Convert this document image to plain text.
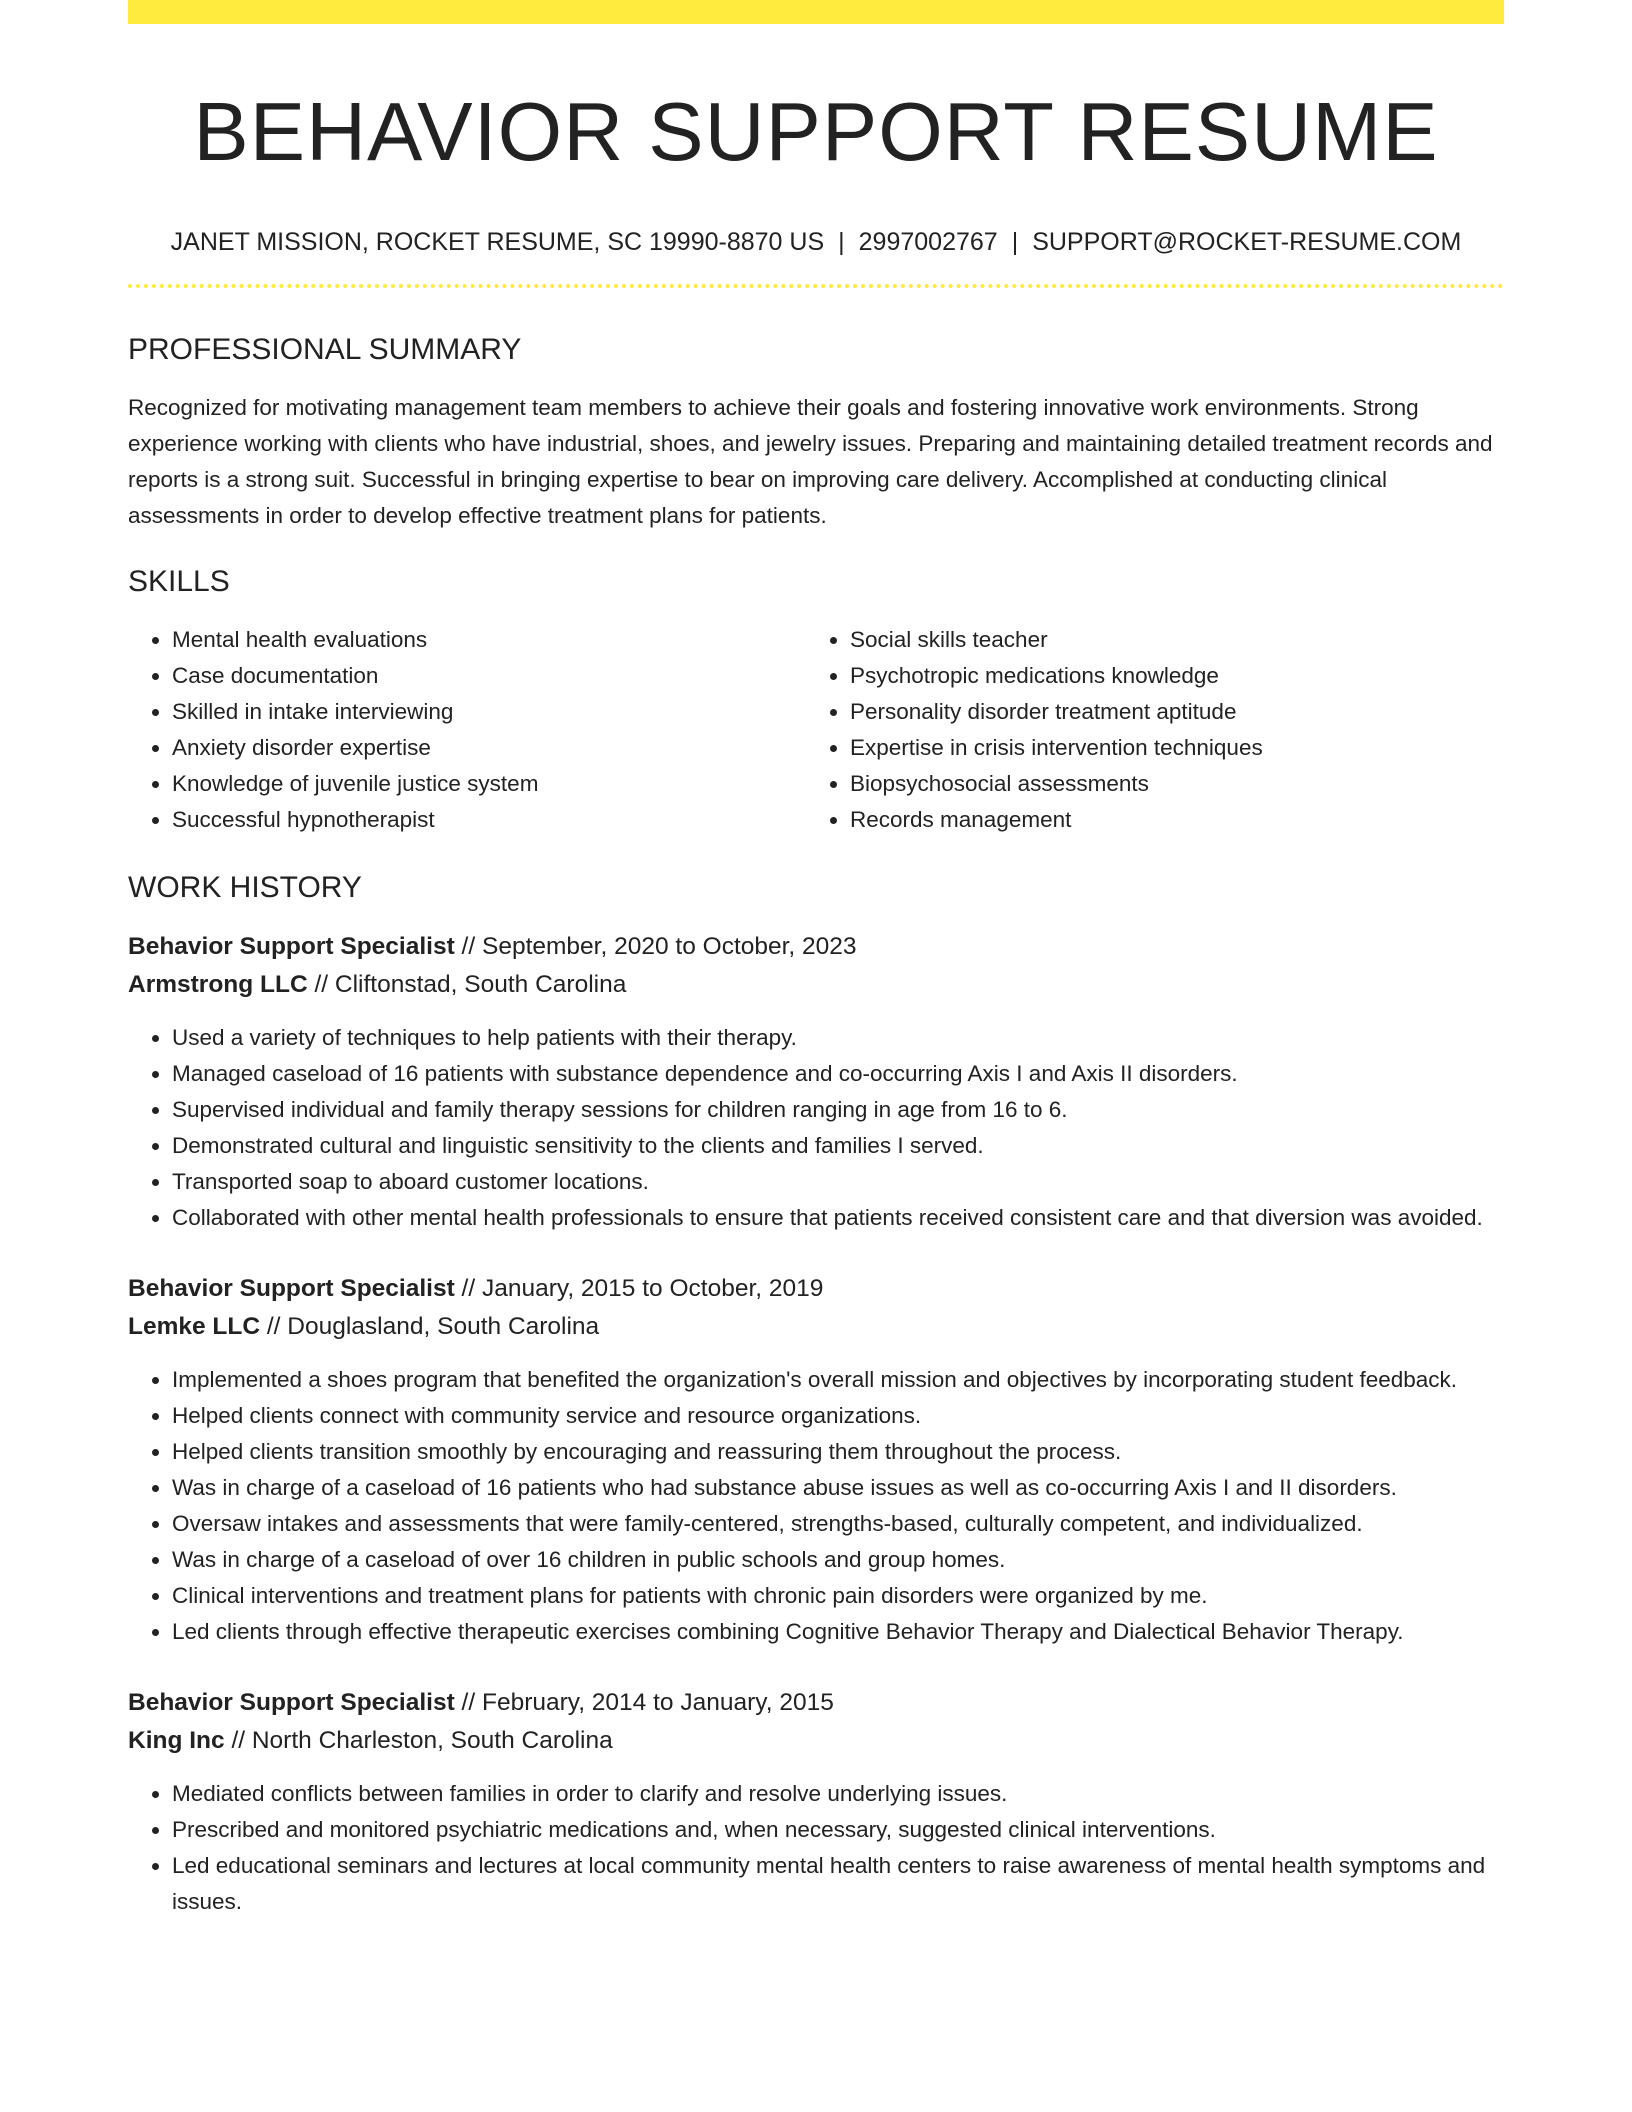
BEHAVIOR SUPPORT RESUME
JANET MISSION, ROCKET RESUME, SC 19990-8870 US | 2997002767 | SUPPORT@ROCKET-RESUME.COM
PROFESSIONAL SUMMARY
Recognized for motivating management team members to achieve their goals and fostering innovative work environments. Strong experience working with clients who have industrial, shoes, and jewelry issues. Preparing and maintaining detailed treatment records and reports is a strong suit. Successful in bringing expertise to bear on improving care delivery. Accomplished at conducting clinical assessments in order to develop effective treatment plans for patients.
SKILLS
• Mental health evaluations
• Case documentation
• Skilled in intake interviewing
• Anxiety disorder expertise
• Knowledge of juvenile justice system
• Successful hypnotherapist
• Social skills teacher
• Psychotropic medications knowledge
• Personality disorder treatment aptitude
• Expertise in crisis intervention techniques
• Biopsychosocial assessments
• Records management
WORK HISTORY
Behavior Support Specialist // September, 2020 to October, 2023
Armstrong LLC // Cliftonstad, South Carolina
• Used a variety of techniques to help patients with their therapy.
• Managed caseload of 16 patients with substance dependence and co-occurring Axis I and Axis II disorders.
• Supervised individual and family therapy sessions for children ranging in age from 16 to 6.
• Demonstrated cultural and linguistic sensitivity to the clients and families I served.
• Transported soap to aboard customer locations.
• Collaborated with other mental health professionals to ensure that patients received consistent care and that diversion was avoided.
Behavior Support Specialist // January, 2015 to October, 2019
Lemke LLC // Douglasland, South Carolina
• Implemented a shoes program that benefited the organization's overall mission and objectives by incorporating student feedback.
• Helped clients connect with community service and resource organizations.
• Helped clients transition smoothly by encouraging and reassuring them throughout the process.
• Was in charge of a caseload of 16 patients who had substance abuse issues as well as co-occurring Axis I and II disorders.
• Oversaw intakes and assessments that were family-centered, strengths-based, culturally competent, and individualized.
• Was in charge of a caseload of over 16 children in public schools and group homes.
• Clinical interventions and treatment plans for patients with chronic pain disorders were organized by me.
• Led clients through effective therapeutic exercises combining Cognitive Behavior Therapy and Dialectical Behavior Therapy.
Behavior Support Specialist // February, 2014 to January, 2015
King Inc // North Charleston, South Carolina
• Mediated conflicts between families in order to clarify and resolve underlying issues.
• Prescribed and monitored psychiatric medications and, when necessary, suggested clinical interventions.
• Led educational seminars and lectures at local community mental health centers to raise awareness of mental health symptoms and issues.
